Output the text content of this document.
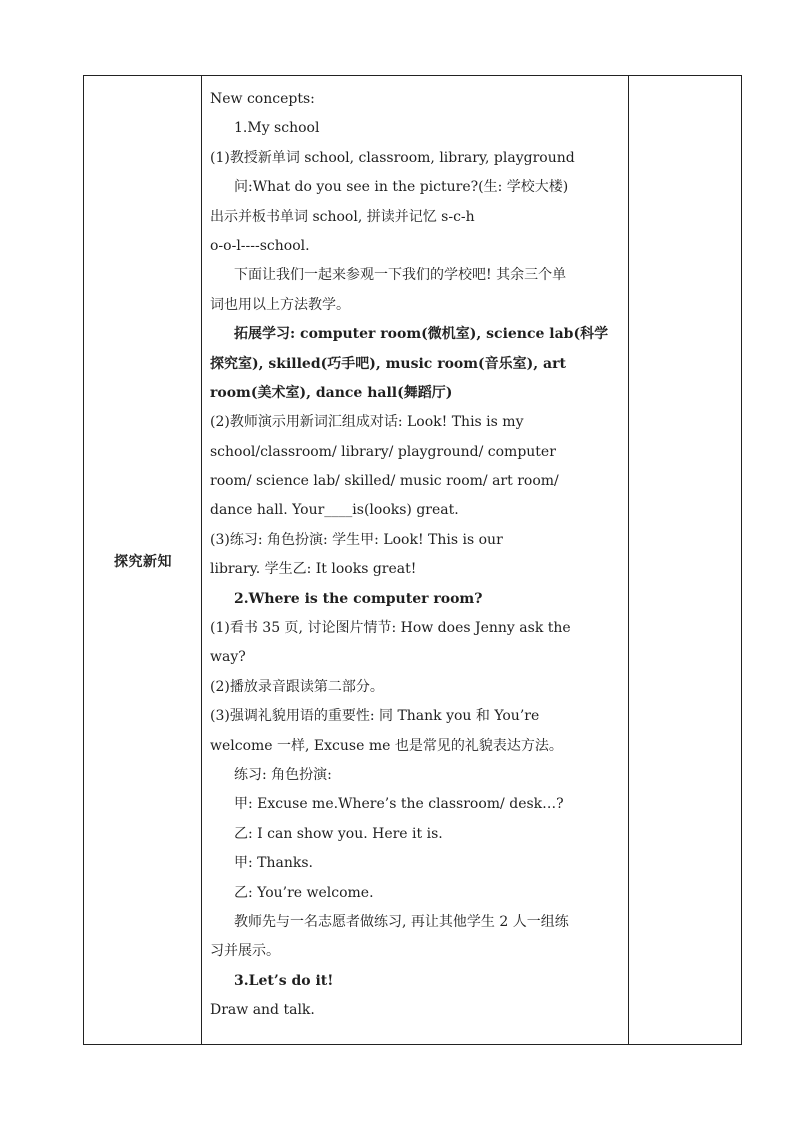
探究新知
New concepts:
1.My school
(1)教授新单词 school, classroom, library, playground
问:What do you see in the picture?(生: 学校大楼)
出示并板书单词 school, 拼读并记忆 s-c-h
o-o-l----school.
下面让我们一起来参观一下我们的学校吧! 其余三个单
词也用以上方法教学。
拓展学习: computer room(微机室), science lab(科学
探究室), skilled(巧手吧), music room(音乐室), art
room(美术室), dance hall(舞蹈厅)
(2)教师演示用新词汇组成对话: Look! This is my
school/classroom/ library/ playground/ computer
room/ science lab/ skilled/ music room/ art room/
dance hall. Your____is(looks) great.
(3)练习: 角色扮演: 学生甲: Look! This is our
library. 学生乙: It looks great!
2.Where is the computer room?
(1)看书 35 页, 讨论图片情节: How does Jenny ask the
way?
(2)播放录音跟读第二部分。
(3)强调礼貌用语的重要性: 同 Thank you 和 You’re
welcome 一样, Excuse me 也是常见的礼貌表达方法。
练习: 角色扮演:
甲: Excuse me.Where’s the classroom/ desk…?
乙: I can show you. Here it is.
甲: Thanks.
乙: You’re welcome.
教师先与一名志愿者做练习, 再让其他学生 2 人一组练
习并展示。
3.Let’s do it!
Draw and talk.
